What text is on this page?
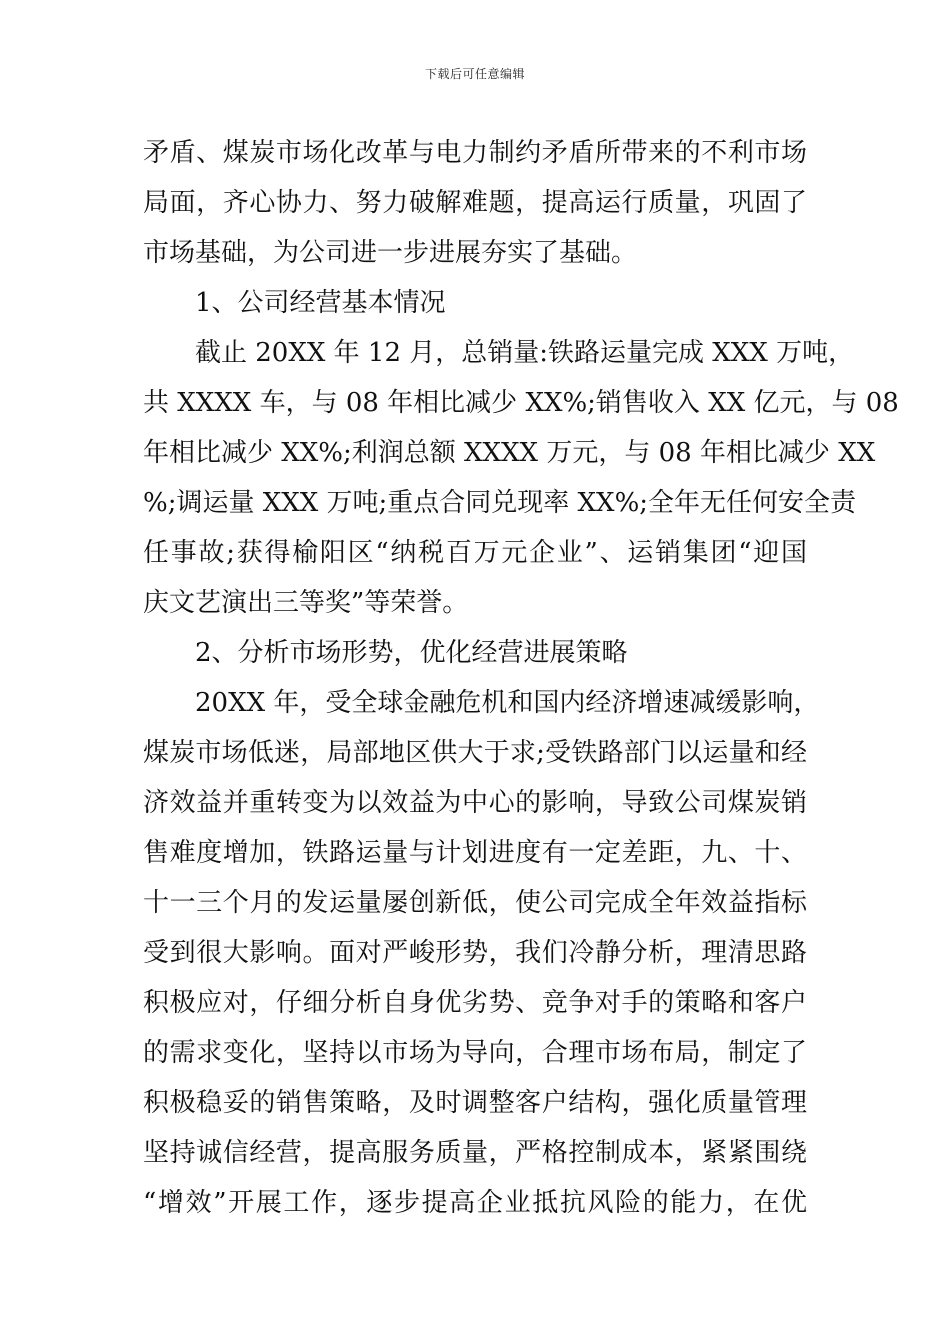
下载后可任意编辑
矛盾、煤炭市场化改革与电力制约矛盾所带来的不利市场
局面，齐心协力、努力破解难题，提高运行质量，巩固了
市场基础，为公司进一步进展夯实了基础。
1、公司经营基本情况
截止 20XX 年 12 月，总销量:铁路运量完成 XXX 万吨，
共 XXXX 车，与 08 年相比减少 XX%;销售收入 XX 亿元，与 08
年相比减少 XX%;利润总额 XXXX 万元，与 08 年相比减少 XX
%;调运量 XXX 万吨;重点合同兑现率 XX%;全年无任何安全责
任事故;获得榆阳区“纳税百万元企业”、运销集团“迎国
庆文艺演出三等奖”等荣誉。
2、分析市场形势，优化经营进展策略
20XX 年，受全球金融危机和国内经济增速减缓影响，
煤炭市场低迷，局部地区供大于求;受铁路部门以运量和经
济效益并重转变为以效益为中心的影响，导致公司煤炭销
售难度增加，铁路运量与计划进度有一定差距，九、十、
十一三个月的发运量屡创新低，使公司完成全年效益指标
受到很大影响。面对严峻形势，我们冷静分析，理清思路
积极应对，仔细分析自身优劣势、竞争对手的策略和客户
的需求变化，坚持以市场为导向，合理市场布局，制定了
积极稳妥的销售策略，及时调整客户结构，强化质量管理
坚持诚信经营，提高服务质量，严格控制成本，紧紧围绕
“增效”开展工作，逐步提高企业抵抗风险的能力，在优
